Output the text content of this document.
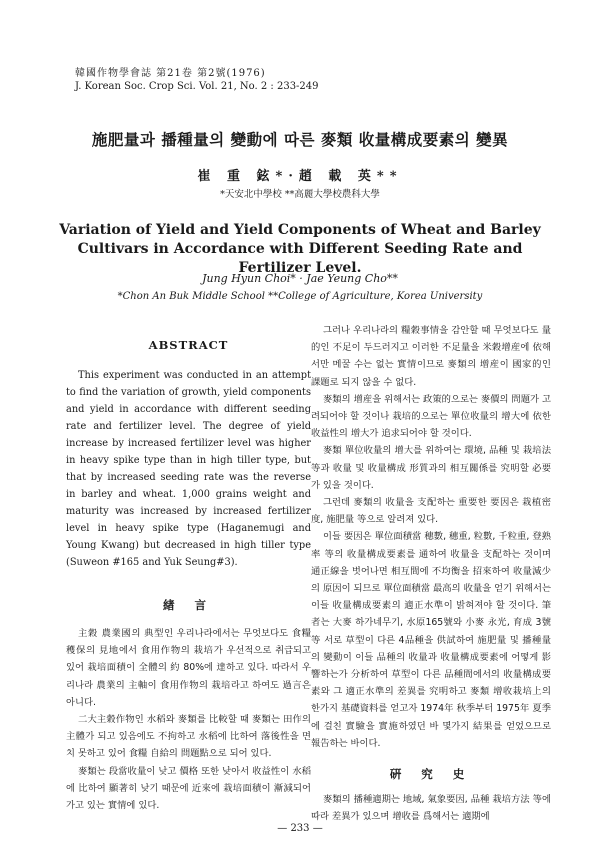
韓國作物學會誌 第21卷 第2號(1976)
J. Korean Soc. Crop Sci. Vol. 21, No. 2 : 233-249
施肥量과 播種量의 變動에 따른 麥類 收量構成要素의 變異
崔 重 鉉*·趙 載 英**
*天安北中學校 **高麗大學校農科大學
Variation of Yield and Yield Components of Wheat and Barley Cultivars in Accordance with Different Seeding Rate and Fertilizer Level.
Jung Hyun Choi* · Jae Yeung Cho**
*Chon An Buk Middle School **College of Agriculture, Korea University
ABSTRACT

This experiment was conducted in an attempt to find the variation of growth, yield components and yield in accordance with different seeding rate and fertilizer level. The degree of yield increase by increased fertilizer level was higher in heavy spike type than in high tiller type, but that by increased seeding rate was the reverse in barley and wheat. 1,000 grains weight and maturity was increased by increased fertilizer level in heavy spike type (Haganemugi and Young Kwang) but decreased in high tiller type (Suweon #165 and Yuk Seung#3).

緖 言

主穀 農業國의 典型인 우리나라에서는 무엇보다도 食糧穫保의 見地에서 食用作物의 栽培가 우선적으로 취급되고 있어 栽培面積이 全體의 約 80%에 達하고 있다. 따라서 우리나라 農業의 主軸이 食用作物의 栽培라고 하여도 過言은 아니다.

二大主穀作物인 水稻와 麥類를 比較할 때 麥類는 田作의 主體가 되고 있음에도 不拘하고 水稻에 比하여 落後性을 면치 못하고 있어 食糧 自給의 問題點으로 되어 있다.

麥類는 段當收量이 낮고 價格 또한 낮아서 收益性이 水稻에 比하여 顯著히 낮기 때문에 近來에 栽培面積이 漸減되어 가고 있는 實情에 있다.

그러나 우리나라의 糧穀事情을 감안할 때 무엇보다도 量的인 不足이 두드러지고 이러한 不足量을 米穀增産에 依해서만 메꿀 수는 없는 實情이므로 麥類의 增産이 國家的인 課題로 되지 않을 수 없다.

麥類의 增産을 위해서는 政策的으로는 麥價의 問題가 고려되어야 할 것이나 栽培的으로는 單位收量의 增大에 依한 收益性의 增大가 追求되어야 할 것이다.

麥類 單位收量의 增大를 위하여는 環境, 品種 및 栽培法等과 收量 및 收量構成 形質과의 相互關係를 究明할 必要가 있을 것이다.

그런데 麥類의 收量을 支配하는 重要한 要因은 栽植密度, 施肥量 等으로 알려져 있다.

이들 要因은 單位面積當 穗數, 穗重, 粒數, 千粒重, 登熟率 等의 收量構成要素를 通하여 收量을 支配하는 것이며 通正線을 벗어나면 相互間에 不均衡을 招來하여 收量減少의 原因이 되므로 單位面積當 最高의 收量을 얻기 위해서는 이들 收量構成要素의 適正水準이 밝혀져야 할 것이다. 筆者는 大麥 하가네무기, 水原165號와 小麥 永光, 育成 3號 等 서로 草型이 다른 4品種을 供試하여 施肥量 및 播種量의 變動이 이들 品種의 收量과 收量構成要素에 어떻게 影響하는가 分析하여 草型이 다른 品種間에서의 收量構成要素와 그 適正水準의 差異를 究明하고 麥類 增收栽培上의 한가지 基礎資料를 얻고자 1974年 秋季부터 1975年 夏季에 걸친 實驗을 實施하였던 바 몇가지 結果를 얻었으므로 報告하는 바이다.

硏 究 史

麥類의 播種適期는 地域, 氣象要因, 品種 栽培方法 等에 따라 差異가 있으며 增收를 爲해서는 適期에

— 233 —
